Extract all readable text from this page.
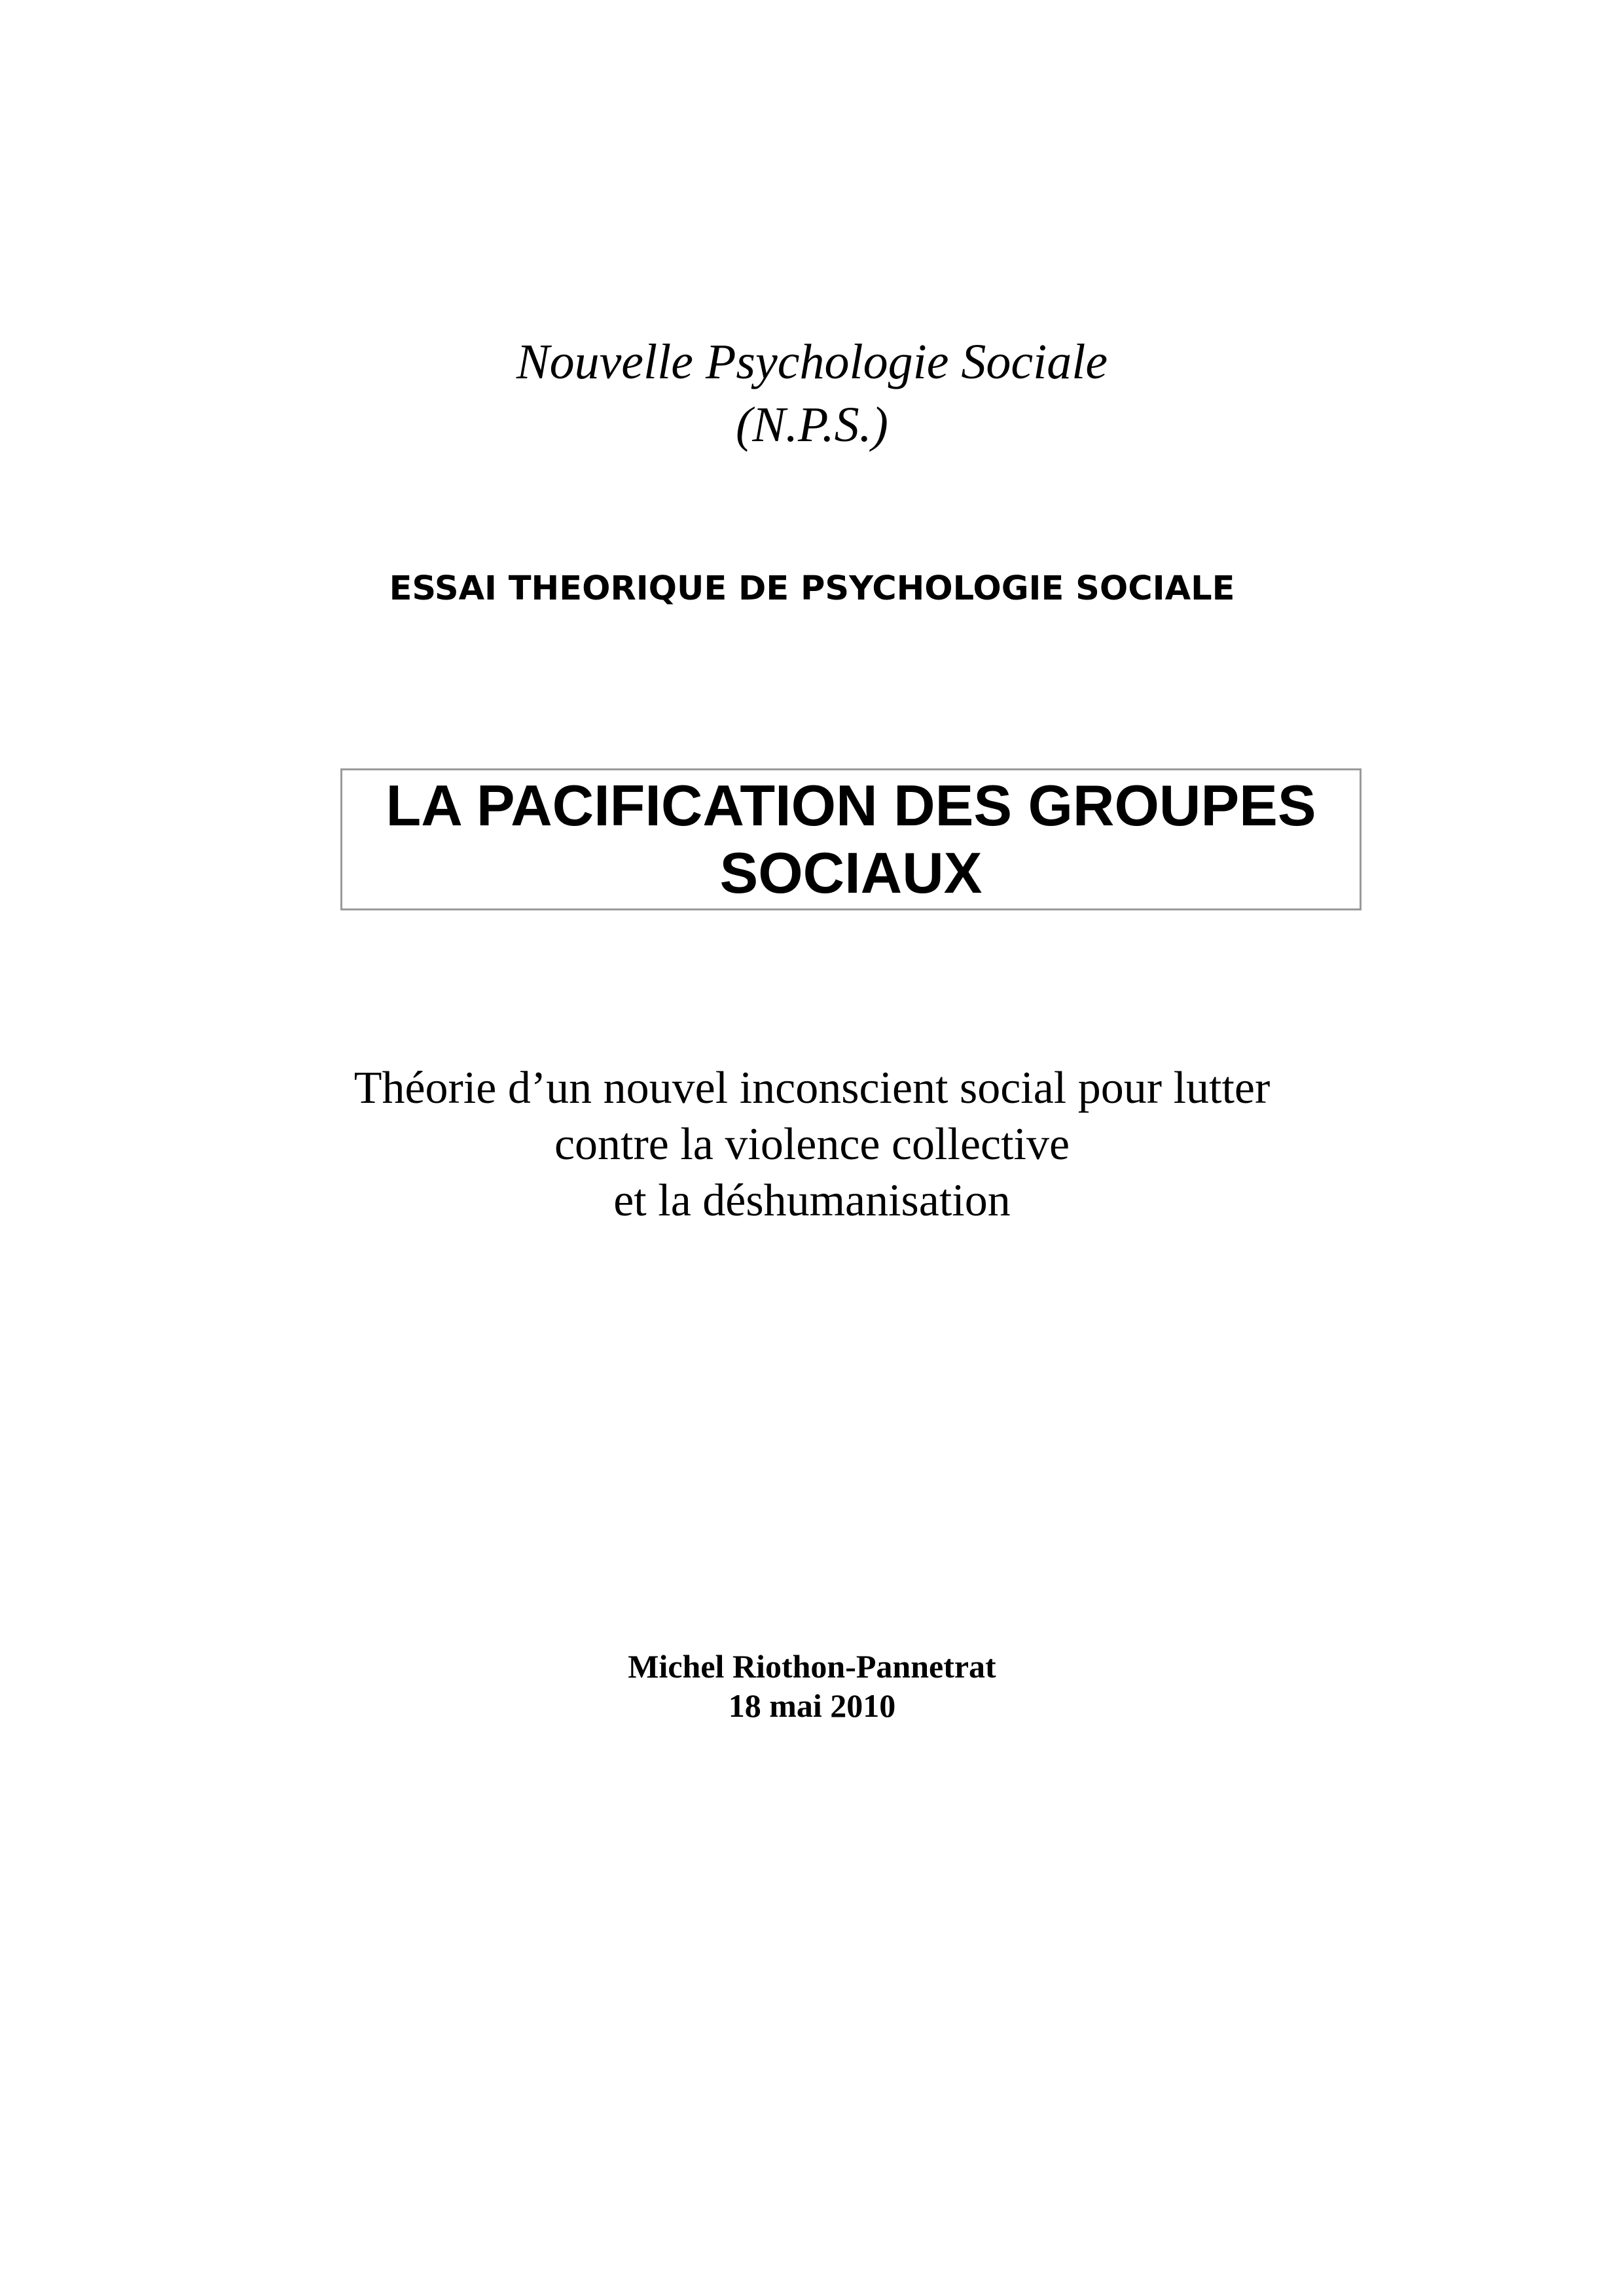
Nouvelle Psychologie Sociale
(N.P.S.)
ESSAI THEORIQUE DE PSYCHOLOGIE SOCIALE
LA PACIFICATION DES GROUPES
SOCIAUX
Théorie d’un nouvel inconscient social pour lutter
contre la violence collective
et la déshumanisation
Michel Riothon-Pannetrat
18 mai 2010
